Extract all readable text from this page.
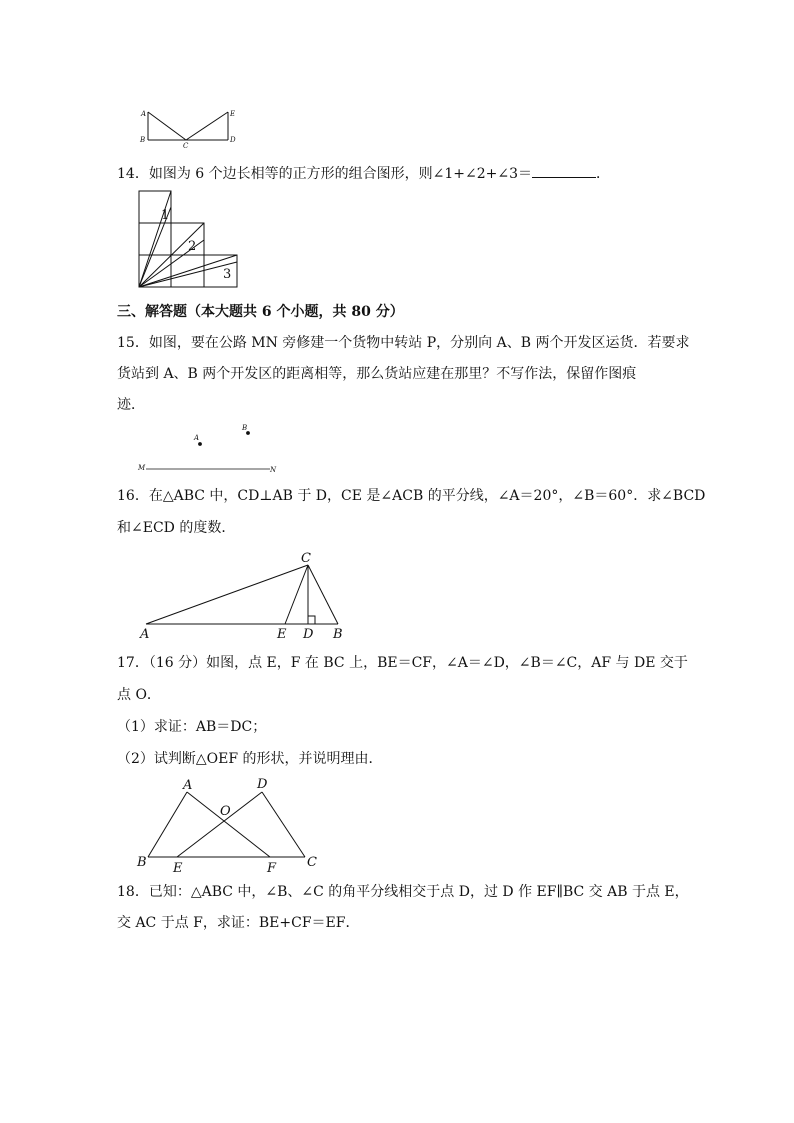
A	E
B
C
D
14．如图为 6 个边长相等的正方形的组合图形，则∠1+∠2+∠3＝	．
1
2
3
三、解答题（本大题共 6 个小题，共 80 分）
15．如图，要在公路 MN 旁修建一个货物中转站 P，分别向 A、B 两个开发区运货．若要求
货站到 A、B 两个开发区的距离相等，那么货站应建在那里？不写作法，保留作图痕
迹．
A
B
M	N
16．在△ABC 中，CD⊥AB 于 D，CE 是∠ACB 的平分线，∠A＝20°，∠B＝60°．求∠BCD
和∠ECD 的度数．
C
A	E D B
17．（16 分）如图，点 E，F 在 BC 上，BE＝CF，∠A＝∠D，∠B＝∠C，AF 与 DE 交于
点 O．
（1）求证：AB＝DC；
（2）试判断△OEF 的形状，并说明理由．
A	D
O
B E	F C
18．已知：△ABC 中，∠B、∠C 的角平分线相交于点 D，过 D 作 EF∥BC 交 AB 于点 E，
交 AC 于点 F，求证：BE+CF＝EF．
